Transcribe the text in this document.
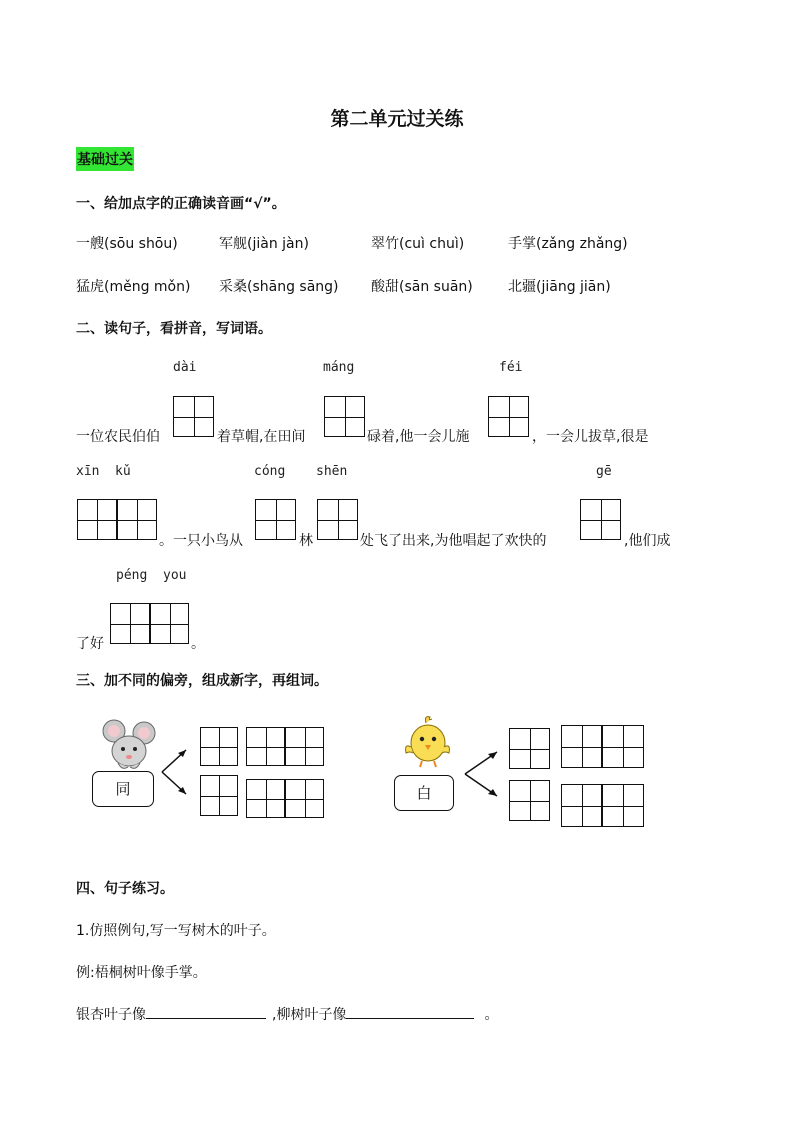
第二单元过关练
基础过关
一、给加点字的正确读音画“√”。
一艘(sōu shōu)	军舰(jiàn jàn)	翠竹(cuì chuì)	手掌(zǎng zhǎng)
猛虎(měng mǒn) 采桑(shāng sāng) 酸甜(sān suān)	北疆(jiāng jiān)
二、读句子，看拼音，写词语。
dài	máng	féi
一位农民伯伯	着草帽,在田间	碌着,他一会儿施	，一会儿拔草,很是
xīn kǔ	cóng shēn	gē
。一只小鸟从	林	处飞了出来,为他唱起了欢快的	,他们成
péng you
了好	。
三、加不同的偏旁，组成新字，再组词。
同	白
四、句子练习。
1.仿照例句,写一写树木的叶子。
例:梧桐树叶像手掌。
银杏叶子像	,柳树叶子像	。
